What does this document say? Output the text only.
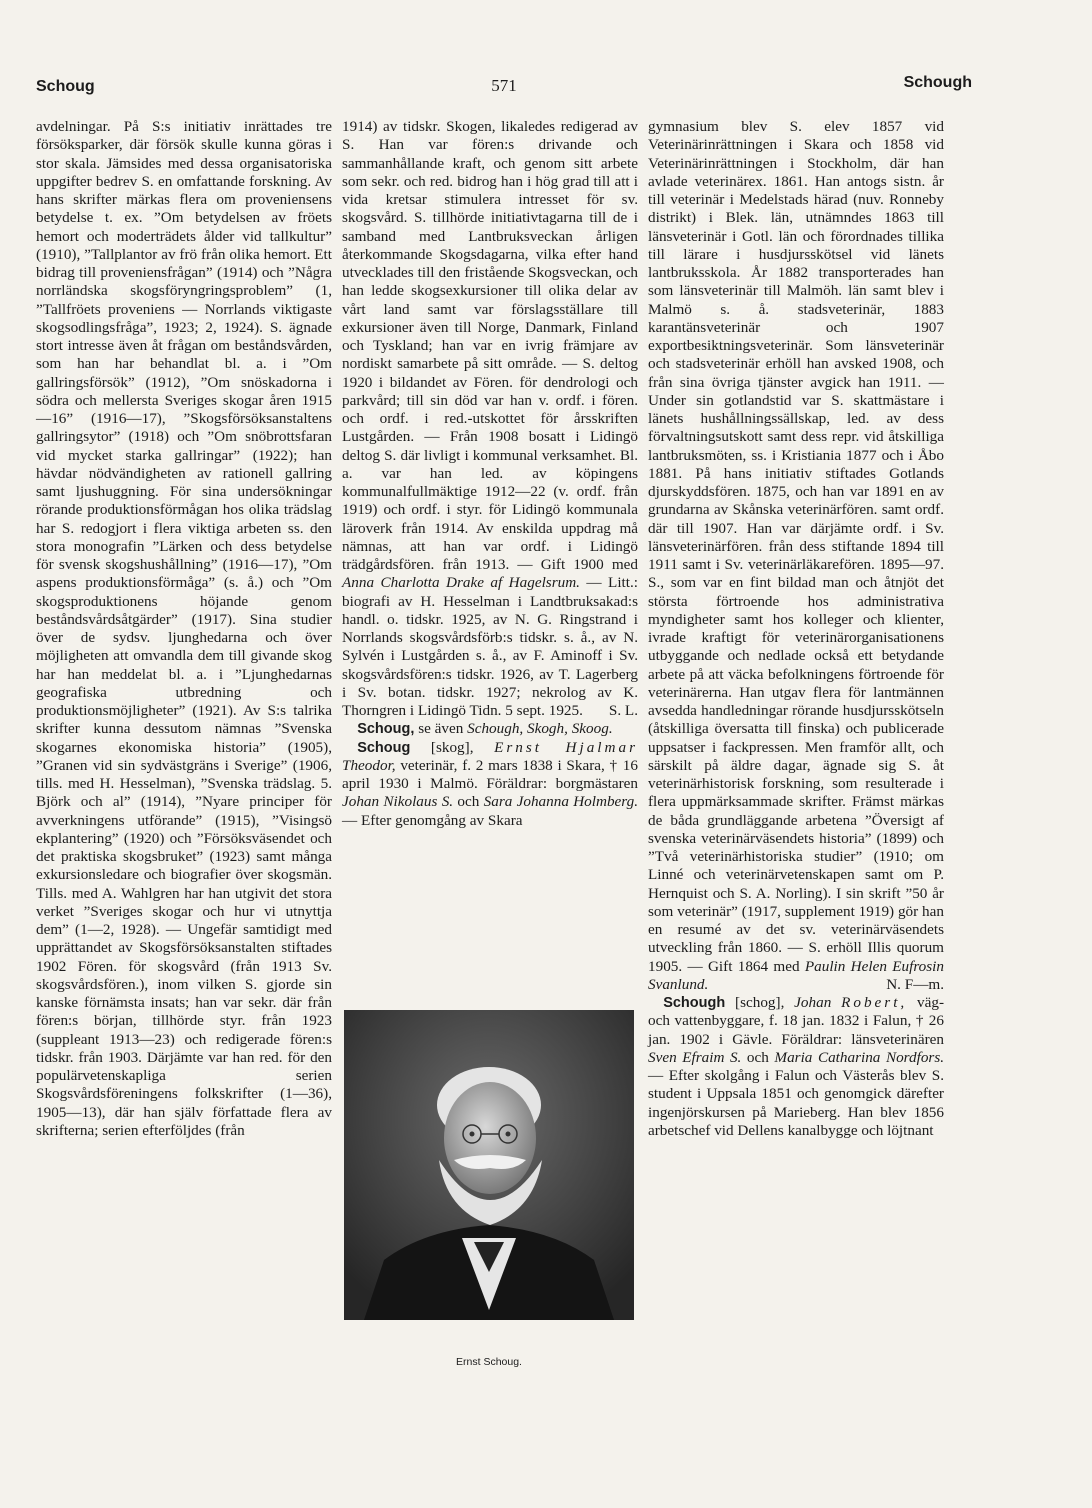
Schoug	571	Schough

avdelningar. På S:s initiativ inrättades tre försöksparker, där försök skulle kunna göras i stor skala. Jämsides med dessa organisatoriska uppgifter bedrev S. en omfattande forskning. Av hans skrifter märkas flera om proveniensens betydelse t. ex. ”Om betydelsen av fröets hemort och moderträdets ålder vid tallkultur” (1910), ”Tallplantor av frö från olika hemort. Ett bidrag till proveniensfrågan” (1914) och ”Några norrländska skogsföryngringsproblem” (1, ”Tallfröets proveniens — Norrlands viktigaste skogsodlingsfråga”, 1923; 2, 1924). S. ägnade stort intresse även åt frågan om beståndsvården, som han har behandlat bl. a. i ”Om gallringsförsök” (1912), ”Om snöskadorna i södra och mellersta Sveriges skogar åren 1915—16” (1916—17), ”Skogsförsöksanstaltens gallringsytor” (1918) och ”Om snöbrottsfaran vid mycket starka gallringar” (1922); han hävdar nödvändigheten av rationell gallring samt ljushuggning. För sina undersökningar rörande produktionsförmågan hos olika trädslag har S. redogjort i flera viktiga arbeten ss. den stora monografin ”Lärken och dess betydelse för svensk skogshushållning” (1916—17), ”Om aspens produktionsförmåga” (s. å.) och ”Om skogsproduktionens höjande genom beståndsvårdsåtgärder” (1917). Sina studier över de sydsv. ljunghedarna och över möjligheten att omvandla dem till givande skog har han meddelat bl. a. i ”Ljunghedarnas geografiska utbredning och produktionsmöjligheter” (1921). Av S:s talrika skrifter kunna dessutom nämnas ”Svenska skogarnes ekonomiska historia” (1905), ”Granen vid sin sydvästgräns i Sverige” (1906, tills. med H. Hesselman), ”Svenska trädslag. 5. Björk och al” (1914), ”Nyare principer för avverkningens utförande” (1915), ”Visingsö ekplantering” (1920) och ”Försöksväsendet och det praktiska skogsbruket” (1923) samt många exkursionsledare och biografier över skogsmän. Tills. med A. Wahlgren har han utgivit det stora verket ”Sveriges skogar och hur vi utnyttja dem” (1—2, 1928). — Ungefär samtidigt med upprättandet av Skogsförsöksanstalten stiftades 1902 Fören. för skogsvård (från 1913 Sv. skogsvårdsfören.), inom vilken S. gjorde sin kanske förnämsta insats; han var sekr. där från fören:s början, tillhörde styr. från 1923 (suppleant 1913—23) och redigerade fören:s tidskr. från 1903. Därjämte var han red. för den populärvetenskapliga serien Skogsvårdsföreningens folkskrifter (1—36), 1905—13), där han själv författade flera av skrifterna; serien efterföljdes (från

1914) av tidskr. Skogen, likaledes redigerad av S. Han var fören:s drivande och sammanhållande kraft, och genom sitt arbete som sekr. och red. bidrog han i hög grad till att i vida kretsar stimulera intresset för sv. skogsvård. S. tillhörde initiativtagarna till de i samband med Lantbruksveckan årligen återkommande Skogsdagarna, vilka efter hand utvecklades till den fristående Skogsveckan, och han ledde skogsexkursioner till olika delar av vårt land samt var förslagsställare till exkursioner även till Norge, Danmark, Finland och Tyskland; han var en ivrig främjare av nordiskt samarbete på sitt område. — S. deltog 1920 i bildandet av Fören. för dendrologi och parkvård; till sin död var han v. ordf. i fören. och ordf. i red.-utskottet för årsskriften Lustgården. — Från 1908 bosatt i Lidingö deltog S. där livligt i kommunal verksamhet. Bl. a. var han led. av köpingens kommunalfullmäktige 1912—22 (v. ordf. från 1919) och ordf. i styr. för Lidingö kommunala läroverk från 1914. Av enskilda uppdrag må nämnas, att han var ordf. i Lidingö trädgårdsfören. från 1913. — Gift 1900 med Anna Charlotta Drake af Hagelsrum. — Litt.: biografi av H. Hesselman i Landtbruksakad:s handl. o. tidskr. 1925, av N. G. Ringstrand i Norrlands skogsvårdsförb:s tidskr. s. å., av N. Sylvén i Lustgården s. å., av F. Aminoff i Sv. skogsvårdsfören:s tidskr. 1926, av T. Lagerberg i Sv. botan. tidskr. 1927; nekrolog av K. Thorngren i Lidingö Tidn. 5 sept. 1925. S. L.

 Schoug, se även Schough, Skogh, Skoog.

 Schoug [skog], Ernst Hjalmar Theodor, veterinär, f. 2 mars 1838 i Skara, † 16 april 1930 i Malmö. Föräldrar: borgmästaren Johan Nikolaus S. och Sara Johanna Holmberg. — Efter genomgång av Skara

Ernst Schoug.

gymnasium blev S. elev 1857 vid Veterinärinrättningen i Skara och 1858 vid Veterinärinrättningen i Stockholm, där han avlade veterinärex. 1861. Han antogs sistn. år till veterinär i Medelstads härad (nuv. Ronneby distrikt) i Blek. län, utnämndes 1863 till länsveterinär i Gotl. län och förordnades tillika till lärare i husdjursskötsel vid länets lantbruksskola. År 1882 transporterades han som länsveterinär till Malmöh. län samt blev i Malmö s. å. stadsveterinär, 1883 karantänsveterinär och 1907 exportbesiktningsveterinär. Som länsveterinär och stadsveterinär erhöll han avsked 1908, och från sina övriga tjänster avgick han 1911. — Under sin gotlandstid var S. skattmästare i länets hushållningssällskap, led. av dess förvaltningsutskott samt dess repr. vid åtskilliga lantbruksmöten, ss. i Kristiania 1877 och i Åbo 1881. På hans initiativ stiftades Gotlands djurskyddsfören. 1875, och han var 1891 en av grundarna av Skånska veterinärfören. samt ordf. där till 1907. Han var därjämte ordf. i Sv. länsveterinärfören. från dess stiftande 1894 till 1911 samt i Sv. veterinärläkarefören. 1895—97. S., som var en fint bildad man och åtnjöt det största förtroende hos administrativa myndigheter samt hos kolleger och klienter, ivrade kraftigt för veterinärorganisationens utbyggande och nedlade också ett betydande arbete på att väcka befolkningens förtroende för veterinärerna. Han utgav flera för lantmännen avsedda handledningar rörande husdjursskötseln (åtskilliga översatta till finska) och publicerade uppsatser i fackpressen. Men framför allt, och särskilt på äldre dagar, ägnade sig S. åt veterinärhistorisk forskning, som resulterade i flera uppmärksammade skrifter. Främst märkas de båda grundläggande arbetena ”Översigt af svenska veterinärväsendets historia” (1899) och ”Två veterinärhistoriska studier” (1910; om Linné och veterinärvetenskapen samt om P. Hernquist och S. A. Norling). I sin skrift ”50 år som veterinär” (1917, supplement 1919) gör han en resumé av det sv. veterinärväsendets utveckling från 1860. — S. erhöll Illis quorum 1905. — Gift 1864 med Paulin Helen Eufrosin Svanlund.	N. F—m.

 Schough [schog], Johan Robert, väg- och vattenbyggare, f. 18 jan. 1832 i Falun, † 26 jan. 1902 i Gävle. Föräldrar: länsveterinären Sven Efraim S. och Maria Catharina Nordfors. — Efter skolgång i Falun och Västerås blev S. student i Uppsala 1851 och genomgick därefter ingenjörskursen på Marieberg. Han blev 1856 arbetschef vid Dellens kanalbygge och löjtnant
